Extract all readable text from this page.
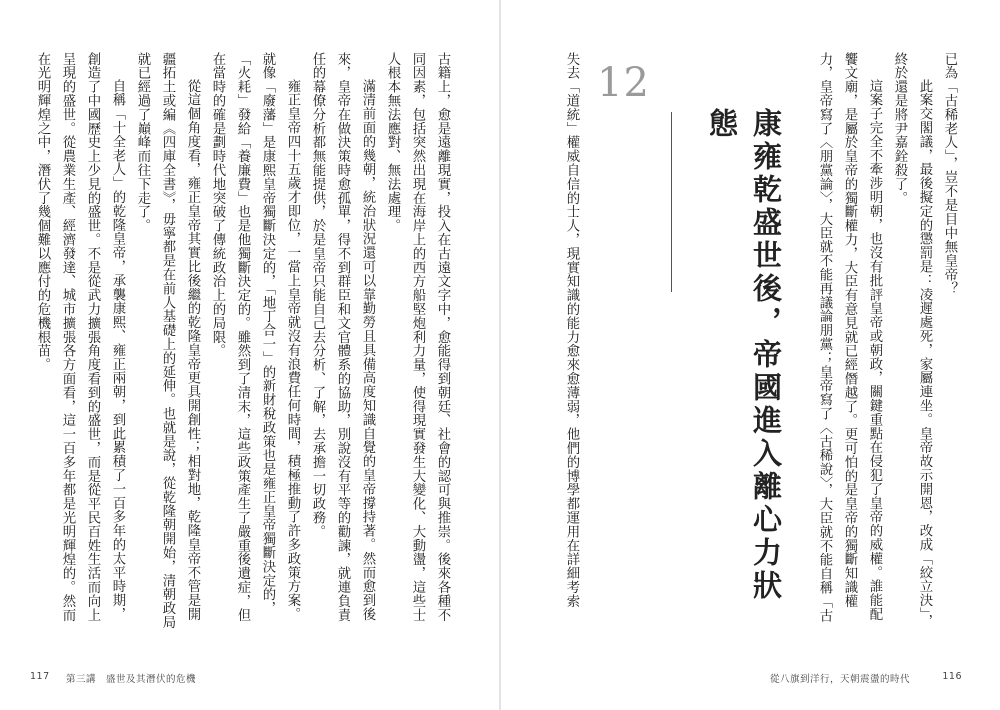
古籍上，愈是遠離現實，投入在古遠文字中，愈能得到朝廷、社會的認可與推崇。後來各種不同因素，包括突然出現在海岸上的西方船堅炮利力量，使得現實發生大變化、大動盪，這些士人根本無法應對、無法處理。

滿清前面的幾朝，統治狀況還可以靠勤勞且具備高度知識自覺的皇帝撐持著。然而愈到後來，皇帝在做決策時愈孤單，得不到群臣和文官體系的協助，別說沒有平等的勸諫，就連負責任的幕僚分析都無能提供，於是皇帝只能自己去分析、了解，去承擔一切政務。

雍正皇帝四十五歲才即位，一當上皇帝就沒有浪費任何時間，積極推動了許多政策方案。就像「廢藩」是康熙皇帝獨斷決定的，「地丁合一」的新財稅政策也是雍正皇帝獨斷決定的，「火耗」發給「養廉費」也是他獨斷決定的。雖然到了清末，這些政策產生了嚴重後遺症，但在當時的確是劃時代地突破了傳統政治上的局限。

從這個角度看，雍正皇帝其實比後繼的乾隆皇帝更具開創性；相對地，乾隆皇帝不管是開疆拓土或編《四庫全書》，毋寧都是在前人基礎上的延伸。也就是說，從乾隆朝開始，清朝政局就已經過了巔峰而往下走了。

自稱「十全老人」的乾隆皇帝，承襲康熙、雍正兩朝，到此累積了一百多年的太平時期，創造了中國歷史上少見的盛世。不是從武力擴張角度看到的盛世，而是從平民百姓生活而向上呈現的盛世。從農業生產、經濟發達、城市擴張各方面看，這一百多年都是光明輝煌的。然而在光明輝煌之中，潛伏了幾個難以應付的危機根苗。

117 第三講　盛世及其潛伏的危機

已為「古稀老人」，豈不是目中無皇帝？

此案交閣議，最後擬定的懲罰是：凌遲處死，家屬連坐。皇帝故示開恩，改成「絞立決」，終於還是將尹嘉銓殺了。

這案子完全不牽涉明朝，也沒有批評皇帝或朝政，關鍵重點在侵犯了皇帝的威權。誰能配饗文廟，是屬於皇帝的獨斷權力，大臣有意見就已經僭越了。更可怕的是皇帝的獨斷知識權力，皇帝寫了〈朋黨論〉，大臣就不能再議論朋黨；皇帝寫了〈古稀說〉，大臣就不能自稱「古

12
康雍乾盛世後，帝國進入離心力狀態

失去「道統」權威自信的士人，現實知識的能力愈來愈薄弱，他們的博學都運用在詳細考索

從八旗到洋行，天朝震盪的時代	116
